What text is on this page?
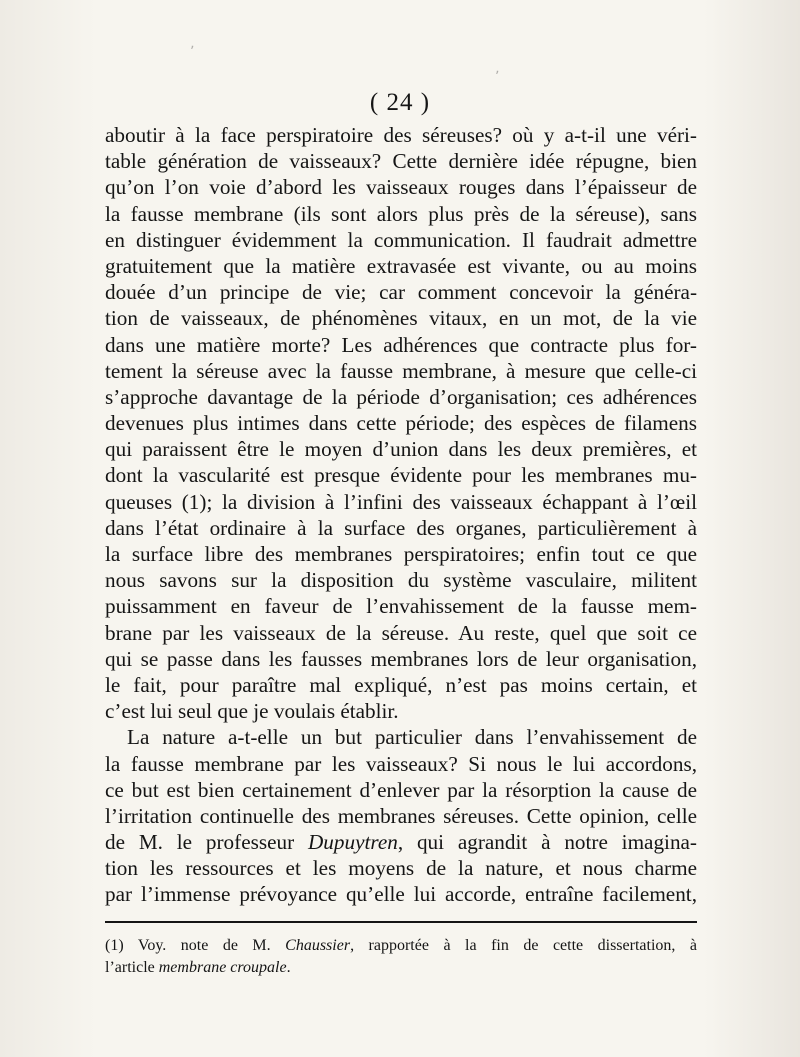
ʼ
ʼ
( 24 )
aboutir à la face perspiratoire des séreuses? où y a-t-il une véri-
table génération de vaisseaux? Cette dernière idée répugne, bien
qu’on l’on voie d’abord les vaisseaux rouges dans l’épaisseur de
la fausse membrane (ils sont alors plus près de la séreuse), sans
en distinguer évidemment la communication. Il faudrait admettre
gratuitement que la matière extravasée est vivante, ou au moins
douée d’un principe de vie; car comment concevoir la généra-
tion de vaisseaux, de phénomènes vitaux, en un mot, de la vie
dans une matière morte? Les adhérences que contracte plus for-
tement la séreuse avec la fausse membrane, à mesure que celle-ci
s’approche davantage de la période d’organisation; ces adhérences
devenues plus intimes dans cette période; des espèces de filamens
qui paraissent être le moyen d’union dans les deux premières, et
dont la vascularité est presque évidente pour les membranes mu-
queuses (1); la division à l’infini des vaisseaux échappant à l’œil
dans l’état ordinaire à la surface des organes, particulièrement à
la surface libre des membranes perspiratoires; enfin tout ce que
nous savons sur la disposition du système vasculaire, militent
puissamment en faveur de l’envahissement de la fausse mem-
brane par les vaisseaux de la séreuse. Au reste, quel que soit ce
qui se passe dans les fausses membranes lors de leur organisation,
le fait, pour paraître mal expliqué, n’est pas moins certain, et
c’est lui seul que je voulais établir.
La nature a-t-elle un but particulier dans l’envahissement de
la fausse membrane par les vaisseaux? Si nous le lui accordons,
ce but est bien certainement d’enlever par la résorption la cause de
l’irritation continuelle des membranes séreuses. Cette opinion, celle
de M. le professeur Dupuytren, qui agrandit à notre imagina-
tion les ressources et les moyens de la nature, et nous charme
par l’immense prévoyance qu’elle lui accorde, entraîne facilement,
(1) Voy. note de M. Chaussier, rapportée à la fin de cette dissertation, à
l’article membrane croupale.
